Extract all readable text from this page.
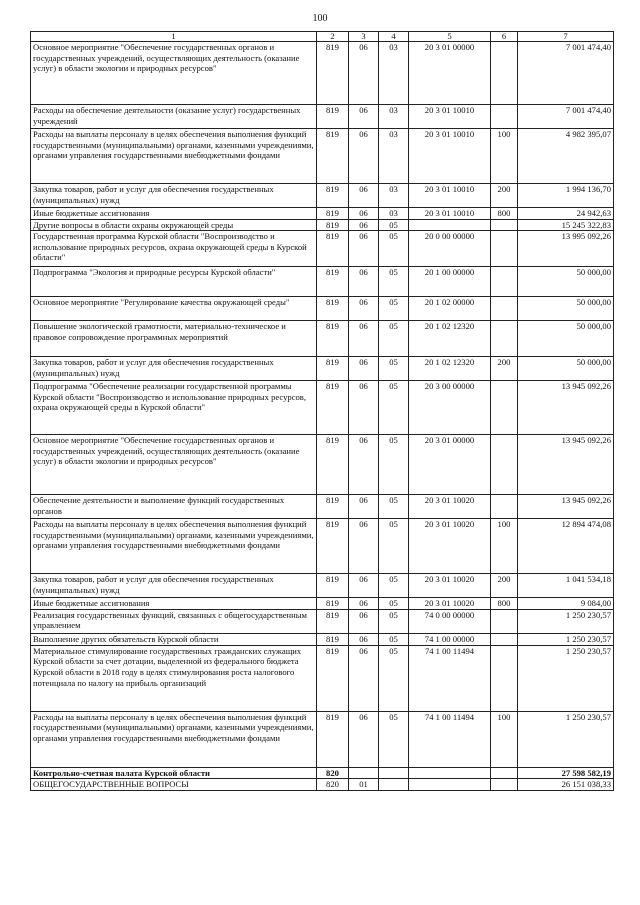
100
1	2	3	4	5	6	7
Основное мероприятие "Обеспечение государственных органов и государственных учреждений, осуществляющих деятельность (оказание услуг) в области экологии и природных ресурсов"	819	06	03	20 3 01 00000		7 001 474,40
Расходы на обеспечение деятельности (оказание услуг) государственных учреждений	819	06	03	20 3 01 10010		7 001 474,40
Расходы на выплаты персоналу в целях обеспечения выполнения функций государственными (муниципальными) органами, казенными учреждениями, органами управления государственными внебюджетными фондами	819	06	03	20 3 01 10010	100	4 982 395,07
Закупка товаров, работ и услуг для обеспечения государственных (муниципальных) нужд	819	06	03	20 3 01 10010	200	1 994 136,70
Иные бюджетные ассигнования	819	06	03	20 3 01 10010	800	24 942,63
Другие вопросы в области охраны окружающей среды	819	06	05			15 245 322,83
Государственная программа Курской области "Воспроизводство и использование природных ресурсов, охрана окружающей среды в Курской области"	819	06	05	20 0 00 00000		13 995 092,26
Подпрограмма "Экология и природные ресурсы Курской области"	819	06	05	20 1 00 00000		50 000,00
Основное мероприятие "Регулирование качества окружающей среды"	819	06	05	20 1 02 00000		50 000,00
Повышение экологической грамотности, материально-техническое и правовое сопровождение программных мероприятий	819	06	05	20 1 02 12320		50 000,00
Закупка товаров, работ и услуг для обеспечения государственных (муниципальных) нужд	819	06	05	20 1 02 12320	200	50 000,00
Подпрограмма "Обеспечение реализации государственной программы Курской области "Воспроизводство и использование природных ресурсов, охрана окружающей среды в Курской области"	819	06	05	20 3 00 00000		13 945 092,26
Основное мероприятие "Обеспечение государственных органов и государственных учреждений, осуществляющих деятельность (оказание услуг) в области экологии и природных ресурсов"	819	06	05	20 3 01 00000		13 945 092,26
Обеспечение деятельности и выполнение функций государственных органов	819	06	05	20 3 01 10020		13 945 092,26
Расходы на выплаты персоналу в целях обеспечения выполнения функций государственными (муниципальными) органами, казенными учреждениями, органами управления государственными внебюджетными фондами	819	06	05	20 3 01 10020	100	12 894 474,08
Закупка товаров, работ и услуг для обеспечения государственных (муниципальных) нужд	819	06	05	20 3 01 10020	200	1 041 534,18
Иные бюджетные ассигнования	819	06	05	20 3 01 10020	800	9 084,00
Реализация государственных функций, связанных с общегосударственным управлением	819	06	05	74 0 00 00000		1 250 230,57
Выполнение других обязательств Курской области	819	06	05	74 1 00 00000		1 250 230,57
Материальное стимулирование государственных гражданских служащих Курской области за счет дотации, выделенной из федерального бюджета Курской области в 2018 году в целях стимулирования роста налогового потенциала по налогу на прибыль организаций	819	06	05	74 1 00 11494		1 250 230,57
Расходы на выплаты персоналу в целях обеспечения выполнения функций государственными (муниципальными) органами, казенными учреждениями, органами управления государственными внебюджетными фондами	819	06	05	74 1 00 11494	100	1 250 230,57
Контрольно-счетная палата Курской области	820					27 598 582,19
ОБЩЕГОСУДАРСТВЕННЫЕ ВОПРОСЫ	820	01				26 151 038,33
